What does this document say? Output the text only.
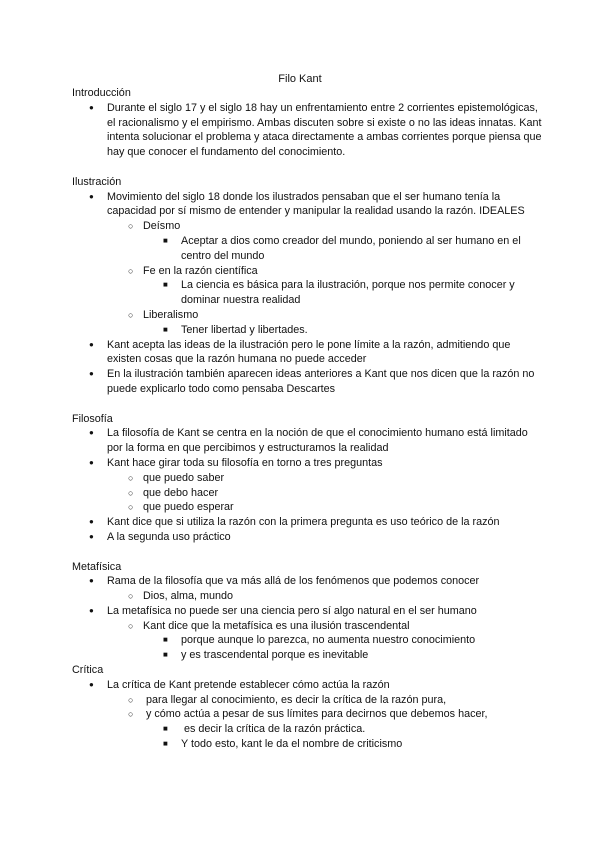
Filo Kant
Introducción
● Durante el siglo 17 y el siglo 18 hay un enfrentamiento entre 2 corrientes epistemológicas, el racionalismo y el empirismo. Ambas discuten sobre si existe o no las ideas innatas. Kant intenta solucionar el problema y ataca directamente a ambas corrientes porque piensa que hay que conocer el fundamento del conocimiento.
Ilustración
● Movimiento del siglo 18 donde los ilustrados pensaban que el ser humano tenía la capacidad por sí mismo de entender y manipular la realidad usando la razón. IDEALES
○ Deísmo
■ Aceptar a dios como creador del mundo, poniendo al ser humano en el centro del mundo
○ Fe en la razón científica
■ La ciencia es básica para la ilustración, porque nos permite conocer y dominar nuestra realidad
○ Liberalismo
■ Tener libertad y libertades.
● Kant acepta las ideas de la ilustración pero le pone límite a la razón, admitiendo que existen cosas que la razón humana no puede acceder
● En la ilustración también aparecen ideas anteriores a Kant que nos dicen que la razón no puede explicarlo todo como pensaba Descartes
Filosofía
● La filosofía de Kant se centra en la noción de que el conocimiento humano está limitado por la forma en que percibimos y estructuramos la realidad
● Kant hace girar toda su filosofía en torno a tres preguntas
○ que puedo saber
○ que debo hacer
○ que puedo esperar
● Kant dice que si utiliza la razón con la primera pregunta es uso teórico de la razón
● A la segunda uso práctico
Metafísica
● Rama de la filosofía que va más allá de los fenómenos que podemos conocer
○ Dios, alma, mundo
● La metafísica no puede ser una ciencia pero sí algo natural en el ser humano
○ Kant dice que la metafísica es una ilusión trascendental
■ porque aunque lo parezca, no aumenta nuestro conocimiento
■ y es trascendental porque es inevitable
Crítica
● La crítica de Kant pretende establecer cómo actúa la razón
○  para llegar al conocimiento, es decir la crítica de la razón pura,
○  y cómo actúa a pesar de sus límites para decirnos que debemos hacer,
■  es decir la crítica de la razón práctica.
■ Y todo esto, kant le da el nombre de criticismo
